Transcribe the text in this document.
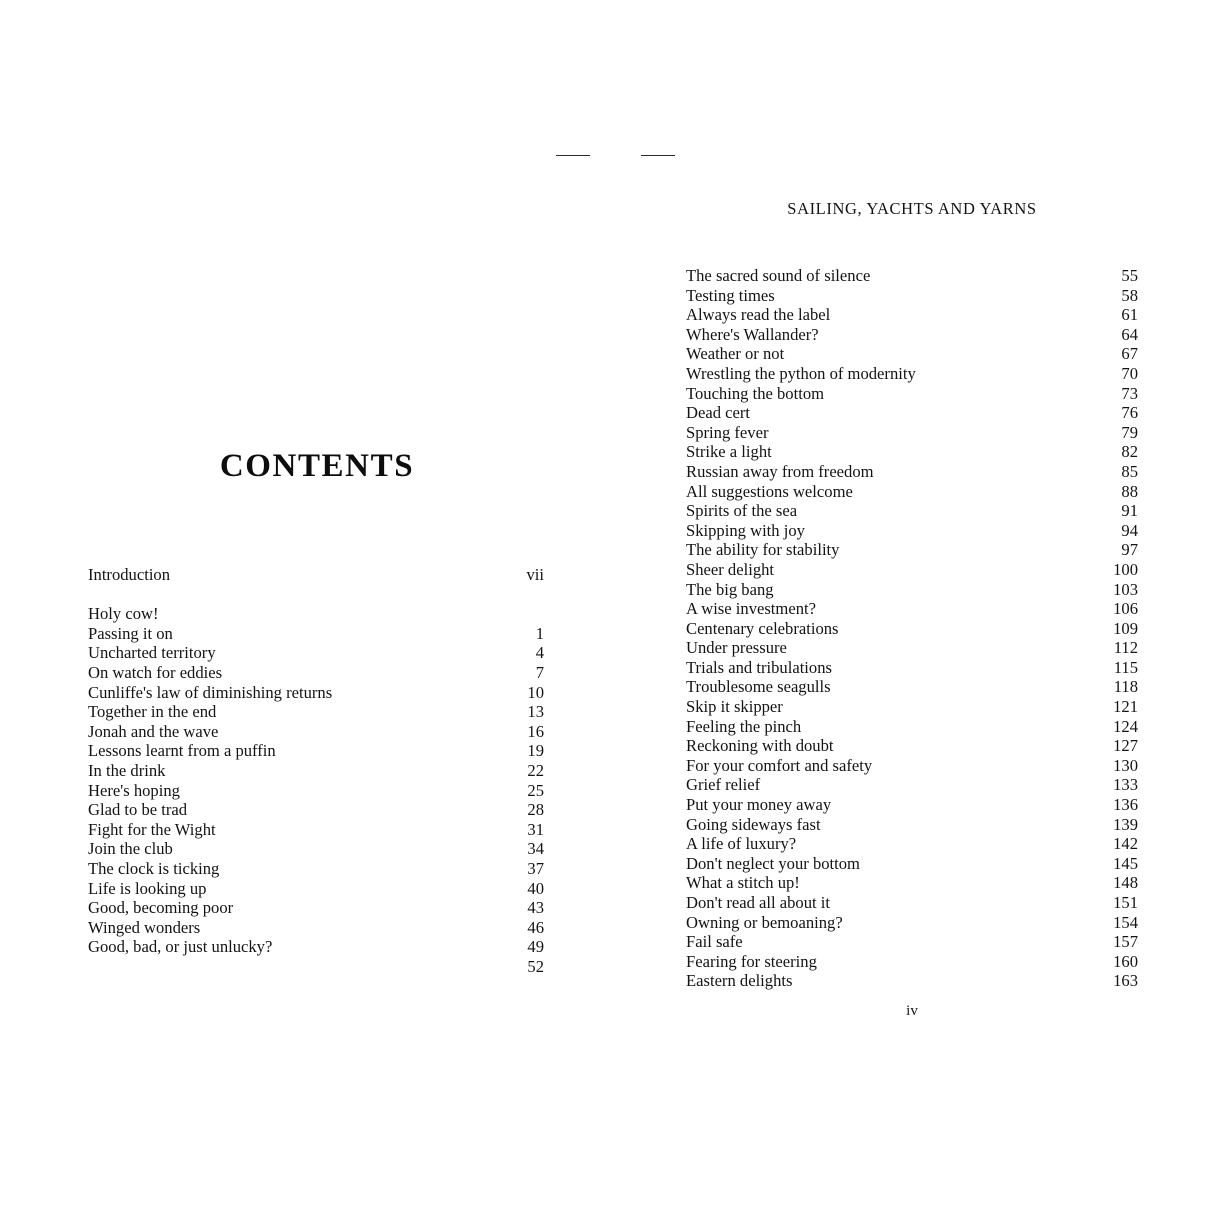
SAILING, YACHTS AND YARNS
CONTENTS
Introduction	vii
Holy cow!
Passing it on	1
Uncharted territory	4
On watch for eddies	7
Cunliffe's law of diminishing returns	10
Together in the end	13
Jonah and the wave	16
Lessons learnt from a puffin	19
In the drink	22
Here's hoping	25
Glad to be trad	28
Fight for the Wight	31
Join the club	34
The clock is ticking	37
Life is looking up	40
Good, becoming poor	43
Winged wonders	46
Good, bad, or just unlucky?	49
52
The sacred sound of silence	55
Testing times	58
Always read the label	61
Where's Wallander?	64
Weather or not	67
Wrestling the python of modernity	70
Touching the bottom	73
Dead cert	76
Spring fever	79
Strike a light	82
Russian away from freedom	85
All suggestions welcome	88
Spirits of the sea	91
Skipping with joy	94
The ability for stability	97
Sheer delight	100
The big bang	103
A wise investment?	106
Centenary celebrations	109
Under pressure	112
Trials and tribulations	115
Troublesome seagulls	118
Skip it skipper	121
Feeling the pinch	124
Reckoning with doubt	127
For your comfort and safety	130
Grief relief	133
Put your money away	136
Going sideways fast	139
A life of luxury?	142
Don't neglect your bottom	145
What a stitch up!	148
Don't read all about it	151
Owning or bemoaning?	154
Fail safe	157
Fearing for steering	160
Eastern delights	163
iv
